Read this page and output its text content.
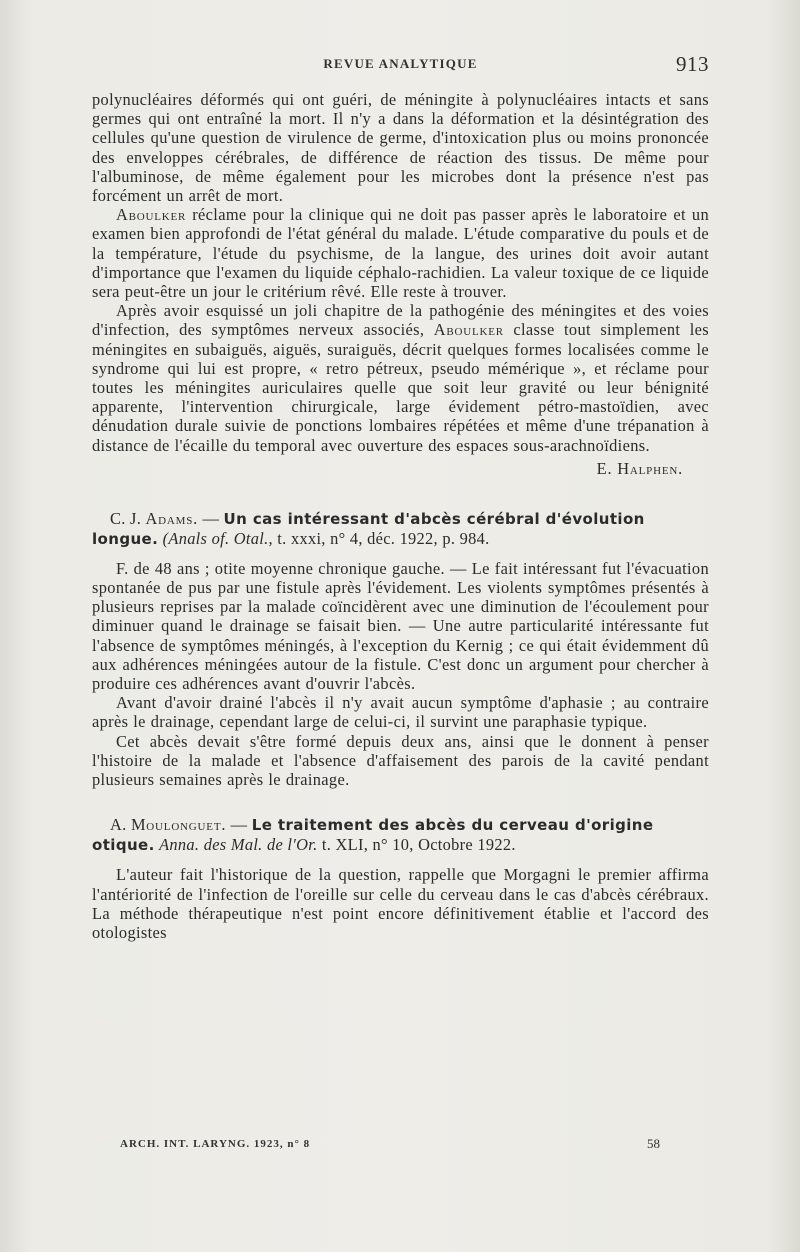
REVUE ANALYTIQUE	913

polynucléaires déformés qui ont guéri, de méningite à polynucléaires intacts et sans germes qui ont entraîné la mort. Il n'y a dans la déformation et la désintégration des cellules qu'une question de virulence de germe, d'intoxication plus ou moins prononcée des enveloppes cérébrales, de différence de réaction des tissus. De même pour l'albuminose, de même également pour les microbes dont la présence n'est pas forcément un arrêt de mort.

Aboulker réclame pour la clinique qui ne doit pas passer après le laboratoire et un examen bien approfondi de l'état général du malade. L'étude comparative du pouls et de la température, l'étude du psychisme, de la langue, des urines doit avoir autant d'importance que l'examen du liquide céphalo-rachidien. La valeur toxique de ce liquide sera peut-être un jour le critérium rêvé. Elle reste à trouver.

Après avoir esquissé un joli chapitre de la pathogénie des méningites et des voies d'infection, des symptômes nerveux associés, Aboulker classe tout simplement les méningites en subaiguës, aiguës, suraiguës, décrit quelques formes localisées comme le syndrome qui lui est propre, « retro pétreux, pseudo mémérique », et réclame pour toutes les méningites auriculaires quelle que soit leur gravité ou leur bénignité apparente, l'intervention chirurgicale, large évidement pétro-mastoïdien, avec dénudation durale suivie de ponctions lombaires répétées et même d'une trépanation à distance de l'écaille du temporal avec ouverture des espaces sous-arachnoïdiens.

E. Halphen.
C. J. Adams. — Un cas intéressant d'abcès cérébral d'évolution longue. (Anals of. Otal., t. xxxi, n° 4, déc. 1922, p. 984.

F. de 48 ans ; otite moyenne chronique gauche. — Le fait intéressant fut l'évacuation spontanée de pus par une fistule après l'évidement. Les violents symptômes présentés à plusieurs reprises par la malade coïncidèrent avec une diminution de l'écoulement pour diminuer quand le drainage se faisait bien. — Une autre particularité intéressante fut l'absence de symptômes méningés, à l'exception du Kernig ; ce qui était évidemment dû aux adhérences méningées autour de la fistule. C'est donc un argument pour chercher à produire ces adhérences avant d'ouvrir l'abcès.

Avant d'avoir drainé l'abcès il n'y avait aucun symptôme d'aphasie ; au contraire après le drainage, cependant large de celui-ci, il survint une paraphasie typique.

Cet abcès devait s'être formé depuis deux ans, ainsi que le donnent à penser l'histoire de la malade et l'absence d'affaisement des parois de la cavité pendant plusieurs semaines après le drainage.

A. Moulonguet. — Le traitement des abcès du cerveau d'origine otique. Anna. des Mal. de l'Or. t. XLI, n° 10, Octobre 1922.

L'auteur fait l'historique de la question, rappelle que Morgagni le premier affirma l'antériorité de l'infection de l'oreille sur celle du cerveau dans le cas d'abcès cérébraux. La méthode thérapeutique n'est point encore définitivement établie et l'accord des otologistes

ARCH. INT. LARYNG. 1923, n° 8	58
